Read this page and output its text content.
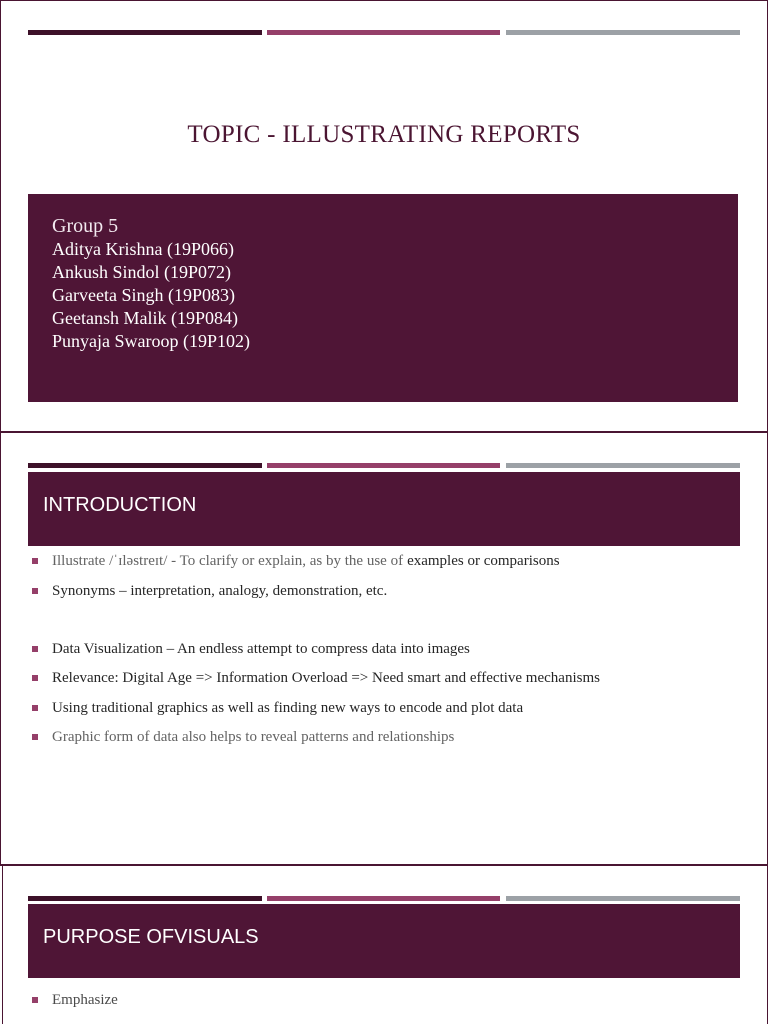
TOPIC - ILLUSTRATING REPORTS
Group 5
Aditya Krishna (19P066)
Ankush Sindol (19P072)
Garveeta Singh (19P083)
Geetansh Malik (19P084)
Punyaja Swaroop (19P102)
INTRODUCTION
Illustrate /ˈɪləstreɪt/ - To clarify or explain, as by the use of examples or comparisons
Synonyms – interpretation, analogy, demonstration, etc.
Data Visualization – An endless attempt to compress data into images
Relevance: Digital Age => Information Overload => Need smart and effective mechanisms
Using traditional graphics as well as finding new ways to encode and plot data
Graphic form of data also helps to reveal patterns and relationships
PURPOSE OFVISUALS
Emphasize
